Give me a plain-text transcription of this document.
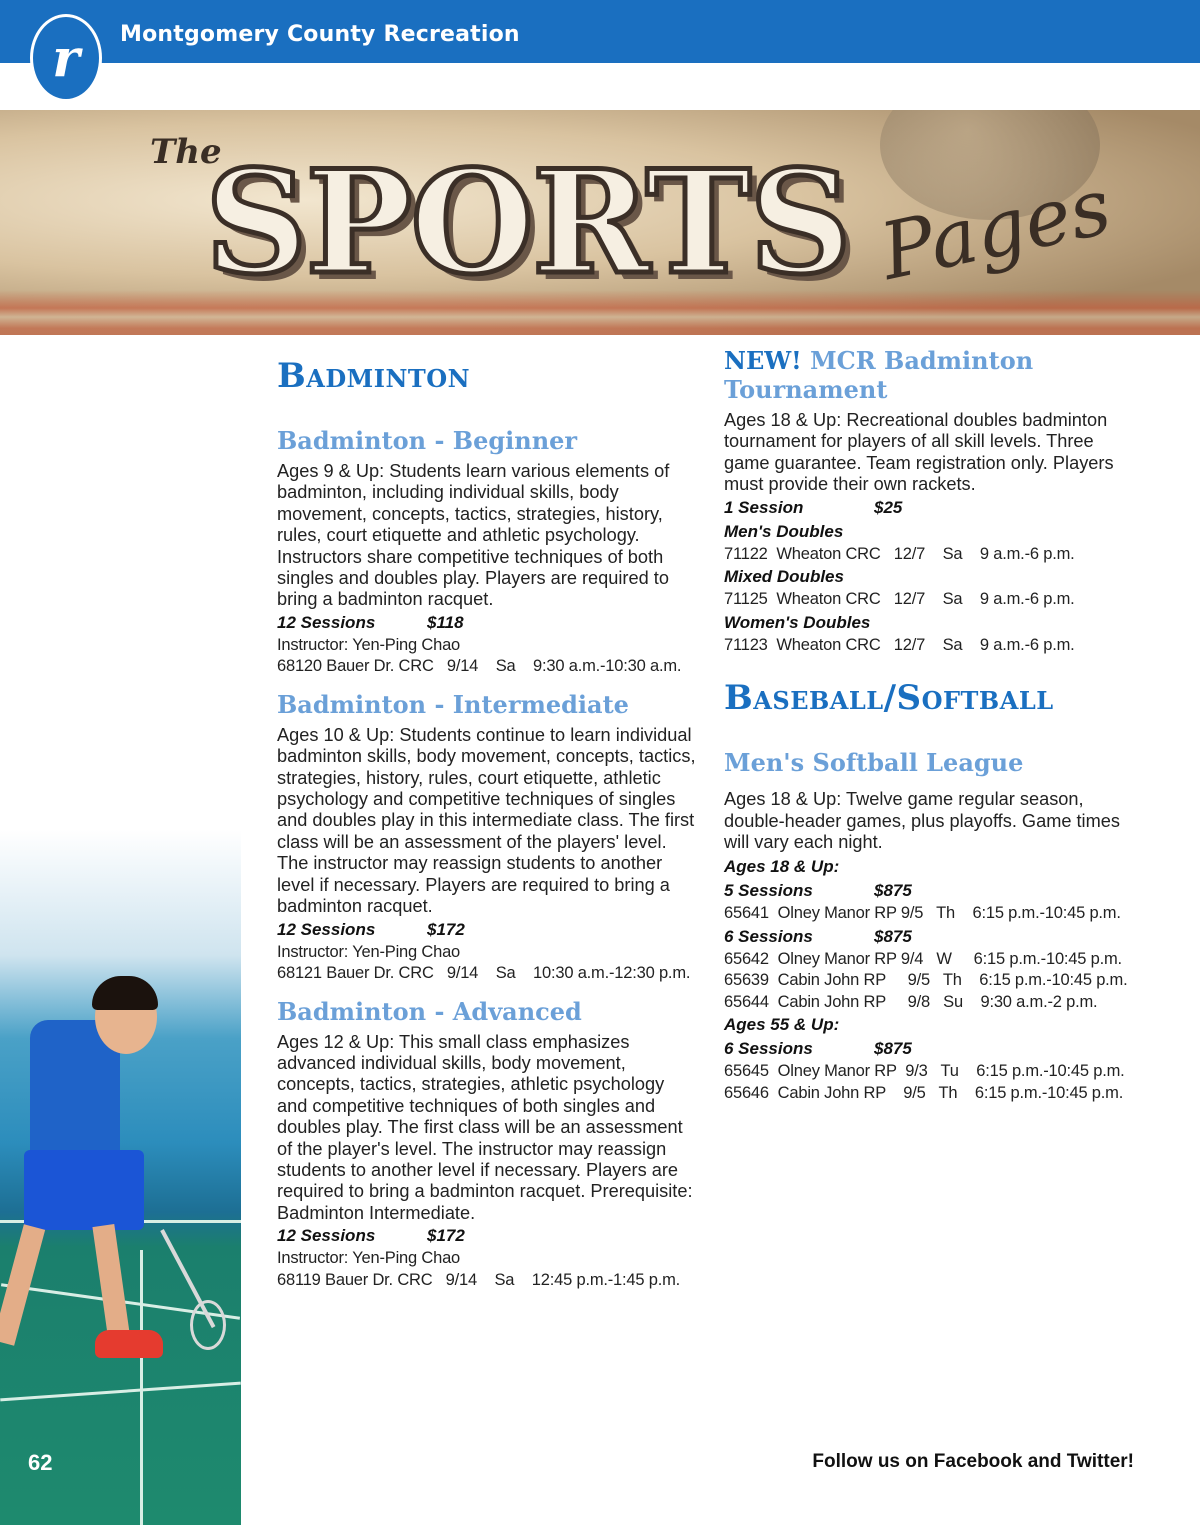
Montgomery County Recreation
r
The
SPORTS Pages
62	Follow us on Facebook and Twitter!
Badminton
Badminton - Beginner

Ages 9 & Up: Students learn various elements of badminton, including individual skills, body movement, concepts, tactics, strategies, history, rules, court etiquette and athletic psychology. Instructors share competitive techniques of both singles and doubles play. Players are required to bring a badminton racquet.

12 Sessions	$118
Instructor: Yen-Ping Chao
68120 Bauer Dr. CRC   9/14    Sa    9:30 a.m.-10:30 a.m.
Badminton - Intermediate

Ages 10 & Up: Students continue to learn individual badminton skills, body movement, concepts, tactics, strategies, history, rules, court etiquette, athletic psychology and competitive techniques of singles and doubles play in this intermediate class. The first class will be an assessment of the players' level. The instructor may reassign students to another level if necessary. Players are required to bring a badminton racquet.

12 Sessions	$172
Instructor: Yen-Ping Chao
68121 Bauer Dr. CRC   9/14    Sa    10:30 a.m.-12:30 p.m.
Badminton - Advanced

Ages 12 & Up: This small class emphasizes advanced individual skills, body movement, concepts, tactics, strategies, athletic psychology and competitive techniques of both singles and doubles play. The first class will be an assessment of the player's level. The instructor may reassign students to another level if necessary. Players are required to bring a badminton racquet. Prerequisite: Badminton Intermediate.

12 Sessions	$172
Instructor: Yen-Ping Chao
68119 Bauer Dr. CRC   9/14    Sa    12:45 p.m.-1:45 p.m.
NEW! MCR Badminton Tournament

Ages 18 & Up: Recreational doubles badminton tournament for players of all skill levels. Three game guarantee. Team registration only. Players must provide their own rackets.

1 Session	$25
Men's Doubles
71122  Wheaton CRC   12/7    Sa    9 a.m.-6 p.m.
Mixed Doubles
71125  Wheaton CRC   12/7    Sa    9 a.m.-6 p.m.
Women's Doubles
71123  Wheaton CRC   12/7    Sa    9 a.m.-6 p.m.
Baseball/Softball
Men's Softball League

Ages 18 & Up: Twelve game regular season, double-header games, plus playoffs. Game times will vary each night.

Ages 18 & Up:
5 Sessions	$875
65641  Olney Manor RP 9/5   Th    6:15 p.m.-10:45 p.m.
6 Sessions	$875
65642  Olney Manor RP 9/4   W     6:15 p.m.-10:45 p.m.
65639  Cabin John RP     9/5   Th    6:15 p.m.-10:45 p.m.
65644  Cabin John RP     9/8   Su    9:30 a.m.-2 p.m.
Ages 55 & Up:
6 Sessions	$875
65645  Olney Manor RP  9/3   Tu    6:15 p.m.-10:45 p.m.
65646  Cabin John RP    9/5   Th    6:15 p.m.-10:45 p.m.
